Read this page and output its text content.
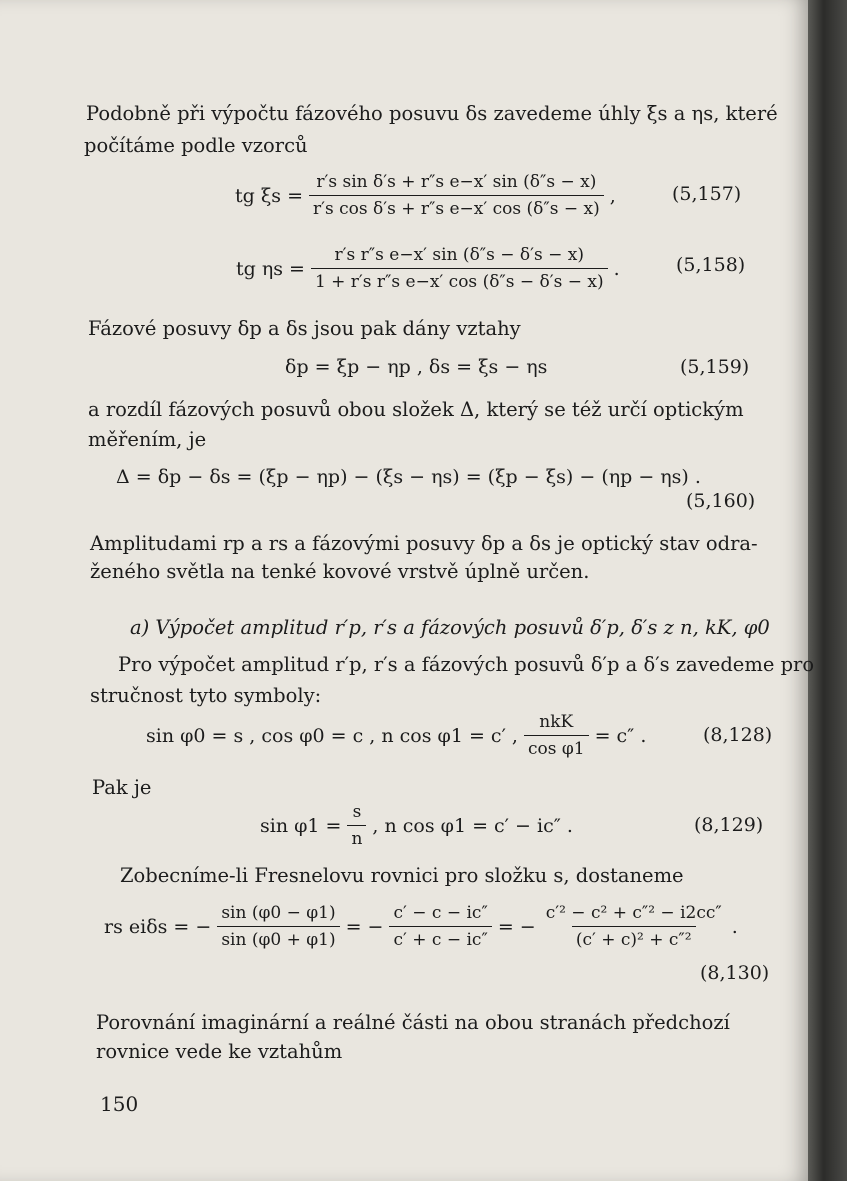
Podobně při výpočtu fázového posuvu δs zavedeme úhly ξs a ηs, které
počítáme podle vzorců
tg $\xi s = \frac{\text{r′s sin δ′s + r″s e−x′ sin (δ″s − x)}}{\text{r′s cos δ′s + r″s e−x′ cos (δ″s − x)}}$ ,	(5,157)
tg $\eta s = \frac{\text{r′s r″s e−x′ sin (δ″s − δ′s − x)}}{\text{1 + r′s r″s e−x′ cos (δ″s − δ′s − x)}}$ .	(5,158)
Fázové posuvy δp a δs jsou pak dány vztahy
δp = ξp − ηp , δs = ξs − ηs	(5,159)
a rozdíl fázových posuvů obou složek Δ, který se též určí optickým
měřením, je
Δ = δp − δs = (ξp − ηp) − (ξs − ηs) = (ξp − ξs) − (ηp − ηs) .
(5,160)
Amplitudami rp a rs a fázovými posuvy δp a δs je optický stav odra-
ženého světla na tenké kovové vrstvě úplně určen.
a) Výpočet amplitud r′p, r′s a fázových posuvů δ′p, δ′s z n, kK, φ0
Pro výpočet amplitud r′p, r′s a fázových posuvů δ′p a δ′s zavedeme pro
stručnost tyto symboly:
sin φ0 = s , cos φ0 = c , n cos φ1 = c′ , $\frac{\text{nkK}}{\text{cos φ1}} = c''$ .	(8,128)
Pak je
$\sin \varphi 1 = \frac{s}{n}$ , n cos φ1 = c′ − ic″ .	(8,129)
Zobecníme-li Fresnelovu rovnici pro složku s, dostaneme
rs eiδs = − $\frac{\sin (\varphi 0 - \varphi 1)}{\sin (\varphi 0 + \varphi 1)}$ = − $\frac{c' - c - ic''}{c' + c - ic''}$ = − $\frac{\text{c′² − c² + c″² − i2cc″}}{\text{(c′ + c)² + c″²}}$ .
(8,130)
Porovnání imaginární a reálné části na obou stranách předchozí
rovnice vede ke vztahům
150
